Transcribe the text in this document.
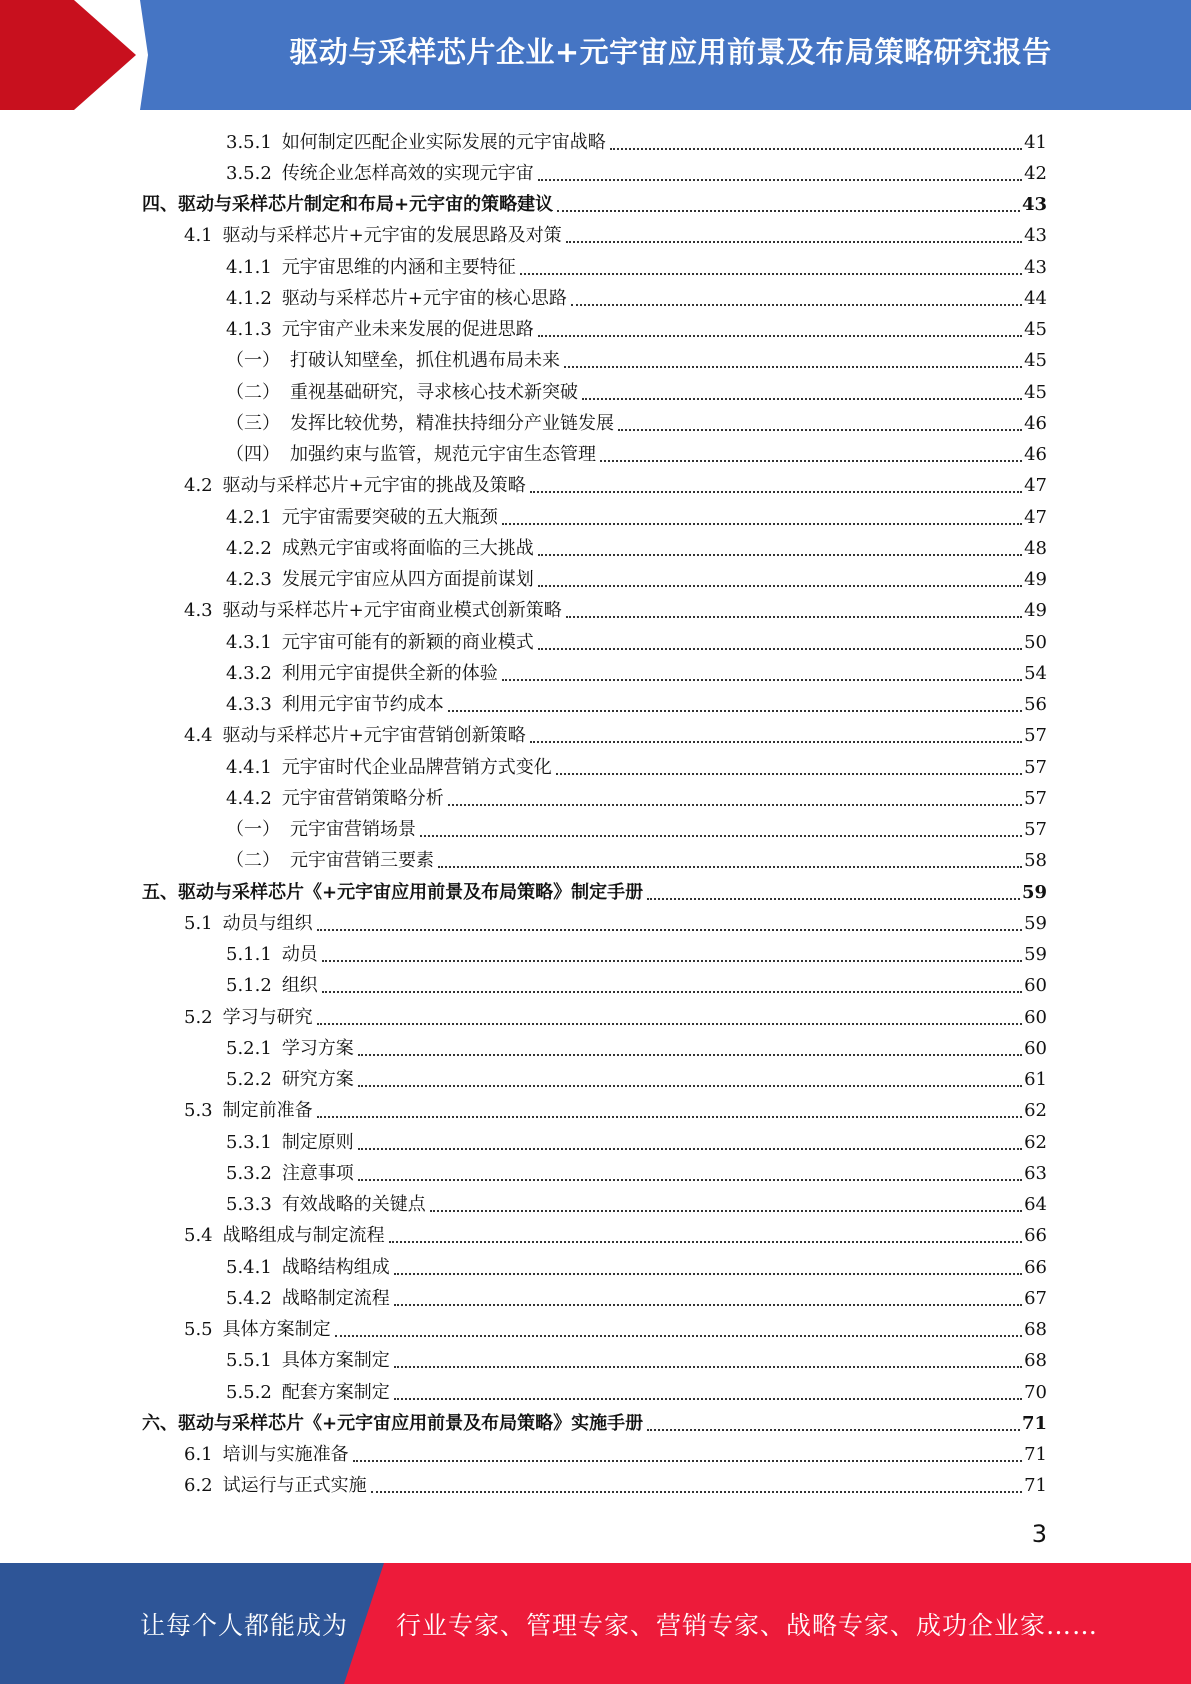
驱动与采样芯片企业+元宇宙应用前景及布局策略研究报告
3.5.1 如何制定匹配企业实际发展的元宇宙战略	41
3.5.2 传统企业怎样高效的实现元宇宙	42
四、 驱动与采样芯片制定和布局+元宇宙的策略建议	43
4.1 驱动与采样芯片+元宇宙的发展思路及对策	43
4.1.1 元宇宙思维的内涵和主要特征	43
4.1.2 驱动与采样芯片+元宇宙的核心思路	44
4.1.3 元宇宙产业未来发展的促进思路	45
（一） 打破认知壁垒，抓住机遇布局未来	45
（二） 重视基础研究，寻求核心技术新突破	45
（三） 发挥比较优势，精准扶持细分产业链发展	46
（四） 加强约束与监管，规范元宇宙生态管理	46
4.2 驱动与采样芯片+元宇宙的挑战及策略	47
4.2.1 元宇宙需要突破的五大瓶颈	47
4.2.2 成熟元宇宙或将面临的三大挑战	48
4.2.3 发展元宇宙应从四方面提前谋划	49
4.3 驱动与采样芯片+元宇宙商业模式创新策略	49
4.3.1 元宇宙可能有的新颖的商业模式	50
4.3.2 利用元宇宙提供全新的体验	54
4.3.3 利用元宇宙节约成本	56
4.4 驱动与采样芯片+元宇宙营销创新策略	57
4.4.1 元宇宙时代企业品牌营销方式变化	57
4.4.2 元宇宙营销策略分析	57
（一） 元宇宙营销场景	57
（二） 元宇宙营销三要素	58
五、 驱动与采样芯片《+元宇宙应用前景及布局策略》制定手册	59
5.1 动员与组织	59
5.1.1 动员	59
5.1.2 组织	60
5.2 学习与研究	60
5.2.1 学习方案	60
5.2.2 研究方案	61
5.3 制定前准备	62
5.3.1 制定原则	62
5.3.2 注意事项	63
5.3.3 有效战略的关键点	64
5.4 战略组成与制定流程	66
5.4.1 战略结构组成	66
5.4.2 战略制定流程	67
5.5 具体方案制定	68
5.5.1 具体方案制定	68
5.5.2 配套方案制定	70
六、 驱动与采样芯片《+元宇宙应用前景及布局策略》实施手册	71
6.1 培训与实施准备	71
6.2 试运行与正式实施	71
3
让每个人都能成为 行业专家、管理专家、营销专家、战略专家、成功企业家……
